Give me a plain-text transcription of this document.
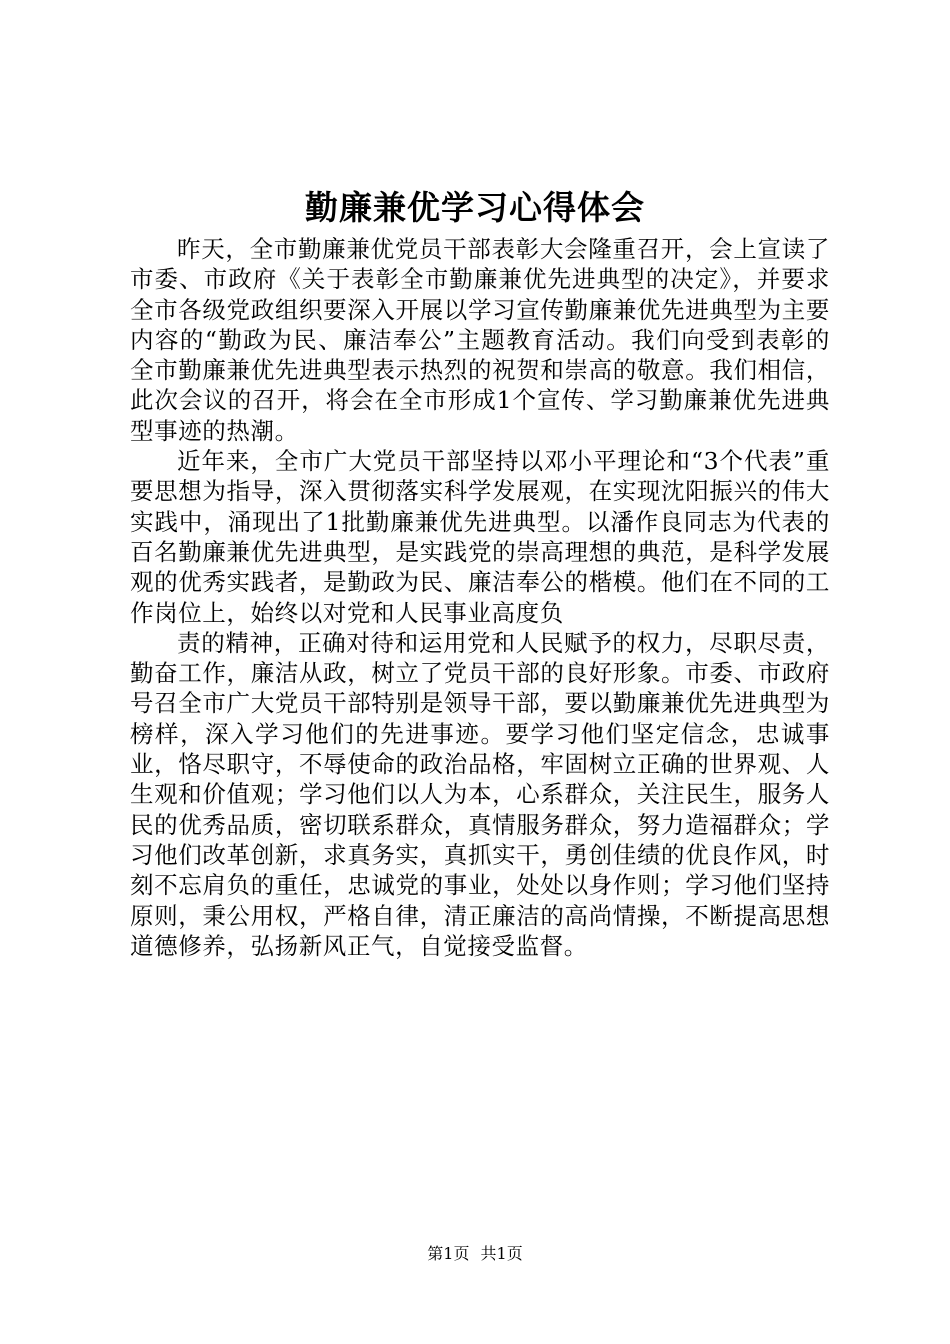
勤廉兼优学习心得体会

昨天，全市勤廉兼优党员干部表彰大会隆重召开，会上宣读了市委、市政府《关于表彰全市勤廉兼优先进典型的决定》，并要求全市各级党政组织要深入开展以学习宣传勤廉兼优先进典型为主要内容的“勤政为民、廉洁奉公”主题教育活动。我们向受到表彰的全市勤廉兼优先进典型表示热烈的祝贺和崇高的敬意。我们相信，此次会议的召开，将会在全市形成1个宣传、学习勤廉兼优先进典型事迹的热潮。

近年来，全市广大党员干部坚持以邓小平理论和“3个代表”重要思想为指导，深入贯彻落实科学发展观，在实现沈阳振兴的伟大实践中，涌现出了1批勤廉兼优先进典型。以潘作良同志为代表的百名勤廉兼优先进典型，是实践党的崇高理想的典范，是科学发展观的优秀实践者，是勤政为民、廉洁奉公的楷模。他们在不同的工作岗位上，始终以对党和人民事业高度负

责的精神，正确对待和运用党和人民赋予的权力，尽职尽责，勤奋工作，廉洁从政，树立了党员干部的良好形象。市委、市政府号召全市广大党员干部特别是领导干部，要以勤廉兼优先进典型为榜样，深入学习他们的先进事迹。要学习他们坚定信念，忠诚事业，恪尽职守，不辱使命的政治品格，牢固树立正确的世界观、人生观和价值观；学习他们以人为本，心系群众，关注民生，服务人民的优秀品质，密切联系群众，真情服务群众，努力造福群众；学习他们改革创新，求真务实，真抓实干，勇创佳绩的优良作风，时刻不忘肩负的重任，忠诚党的事业，处处以身作则；学习他们坚持原则，秉公用权，严格自律，清正廉洁的高尚情操，不断提高思想道德修养，弘扬新风正气，自觉接受监督。

第1页 共1页
